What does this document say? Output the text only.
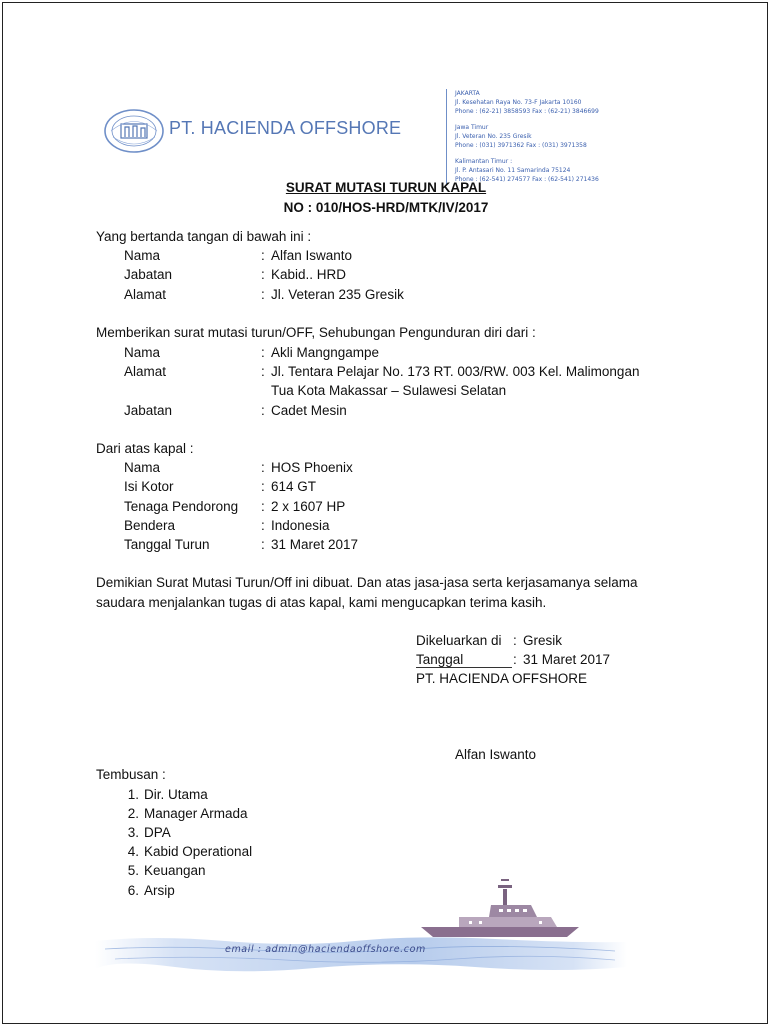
PT. HACIENDA OFFSHORE
JAKARTA
Jl. Kesehatan Raya No. 73-F Jakarta 10160
Phone : (62-21) 3858593 Fax : (62-21) 3846699
Jawa Timur
Jl. Veteran No. 235 Gresik
Phone : (031) 3971362 Fax : (031) 3971358
Kalimantan Timur :
Jl. P. Antasari No. 11 Samarinda 75124
Phone : (62-541) 274577 Fax : (62-541) 271436
SURAT MUTASI TURUN KAPAL
NO : 010/HOS-HRD/MTK/IV/2017
Yang bertanda tangan di bawah ini :
Nama	: Alfan Iswanto
Jabatan	: Kabid.. HRD
Alamat	: Jl. Veteran 235 Gresik
Memberikan surat mutasi turun/OFF, Sehubungan Pengunduran diri dari :
Nama	: Akli Mangngampe
Alamat	: Jl. Tentara Pelajar No. 173 RT. 003/RW. 003 Kel. Malimongan
Tua Kota Makassar – Sulawesi Selatan
Jabatan	: Cadet Mesin
Dari atas kapal :
Nama	: HOS Phoenix
Isi Kotor	: 614 GT
Tenaga Pendorong : 2 x 1607 HP
Bendera	: Indonesia
Tanggal Turun	: 31 Maret 2017
Demikian Surat Mutasi Turun/Off ini dibuat. Dan atas jasa-jasa serta kerjasamanya selama
saudara menjalankan tugas di atas kapal, kami mengucapkan terima kasih.
Dikeluarkan di : Gresik
Tanggal	: 31 Maret 2017
PT. HACIENDA OFFSHORE
Alfan Iswanto
Tembusan :
1. Dir. Utama
2. Manager Armada
3. DPA
4. Kabid Operational
5. Keuangan
6. Arsip
email : admin@haciendaoffshore.com
